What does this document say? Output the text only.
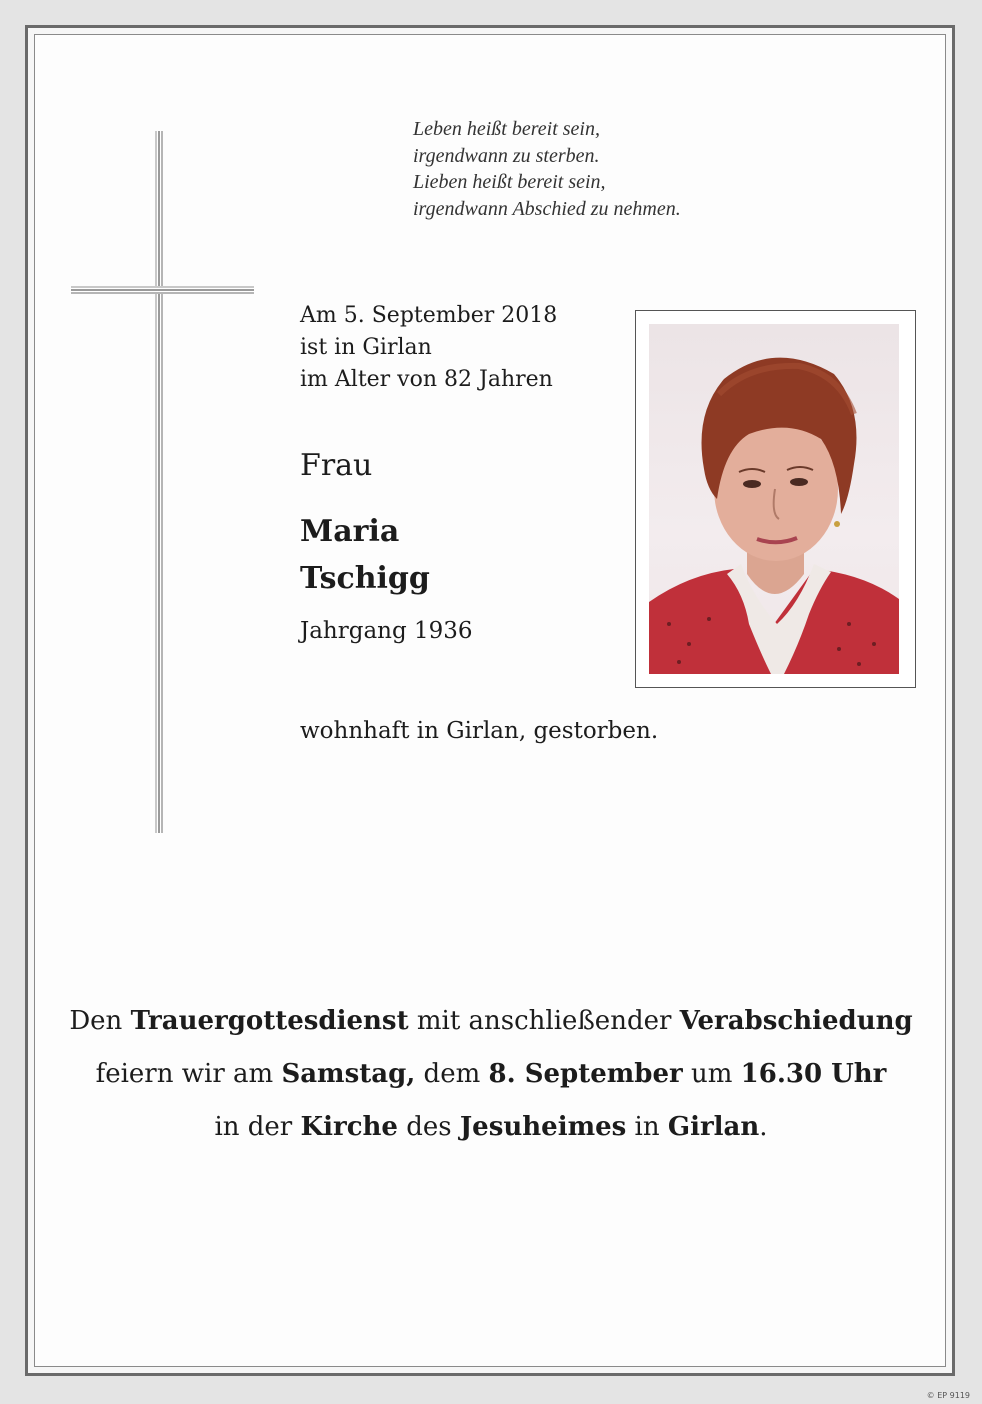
Leben heißt bereit sein,
irgendwann zu sterben.
Lieben heißt bereit sein,
irgendwann Abschied zu nehmen.
Am 5. September 2018
ist in Girlan
im Alter von 82 Jahren
Frau
Maria
Tschigg
Jahrgang 1936
wohnhaft in Girlan, gestorben.
Den Trauergottesdienst mit anschließender Verabschiedung
feiern wir am Samstag, dem 8. September um 16.30 Uhr
in der Kirche des Jesuheimes in Girlan.
© EP 9119
